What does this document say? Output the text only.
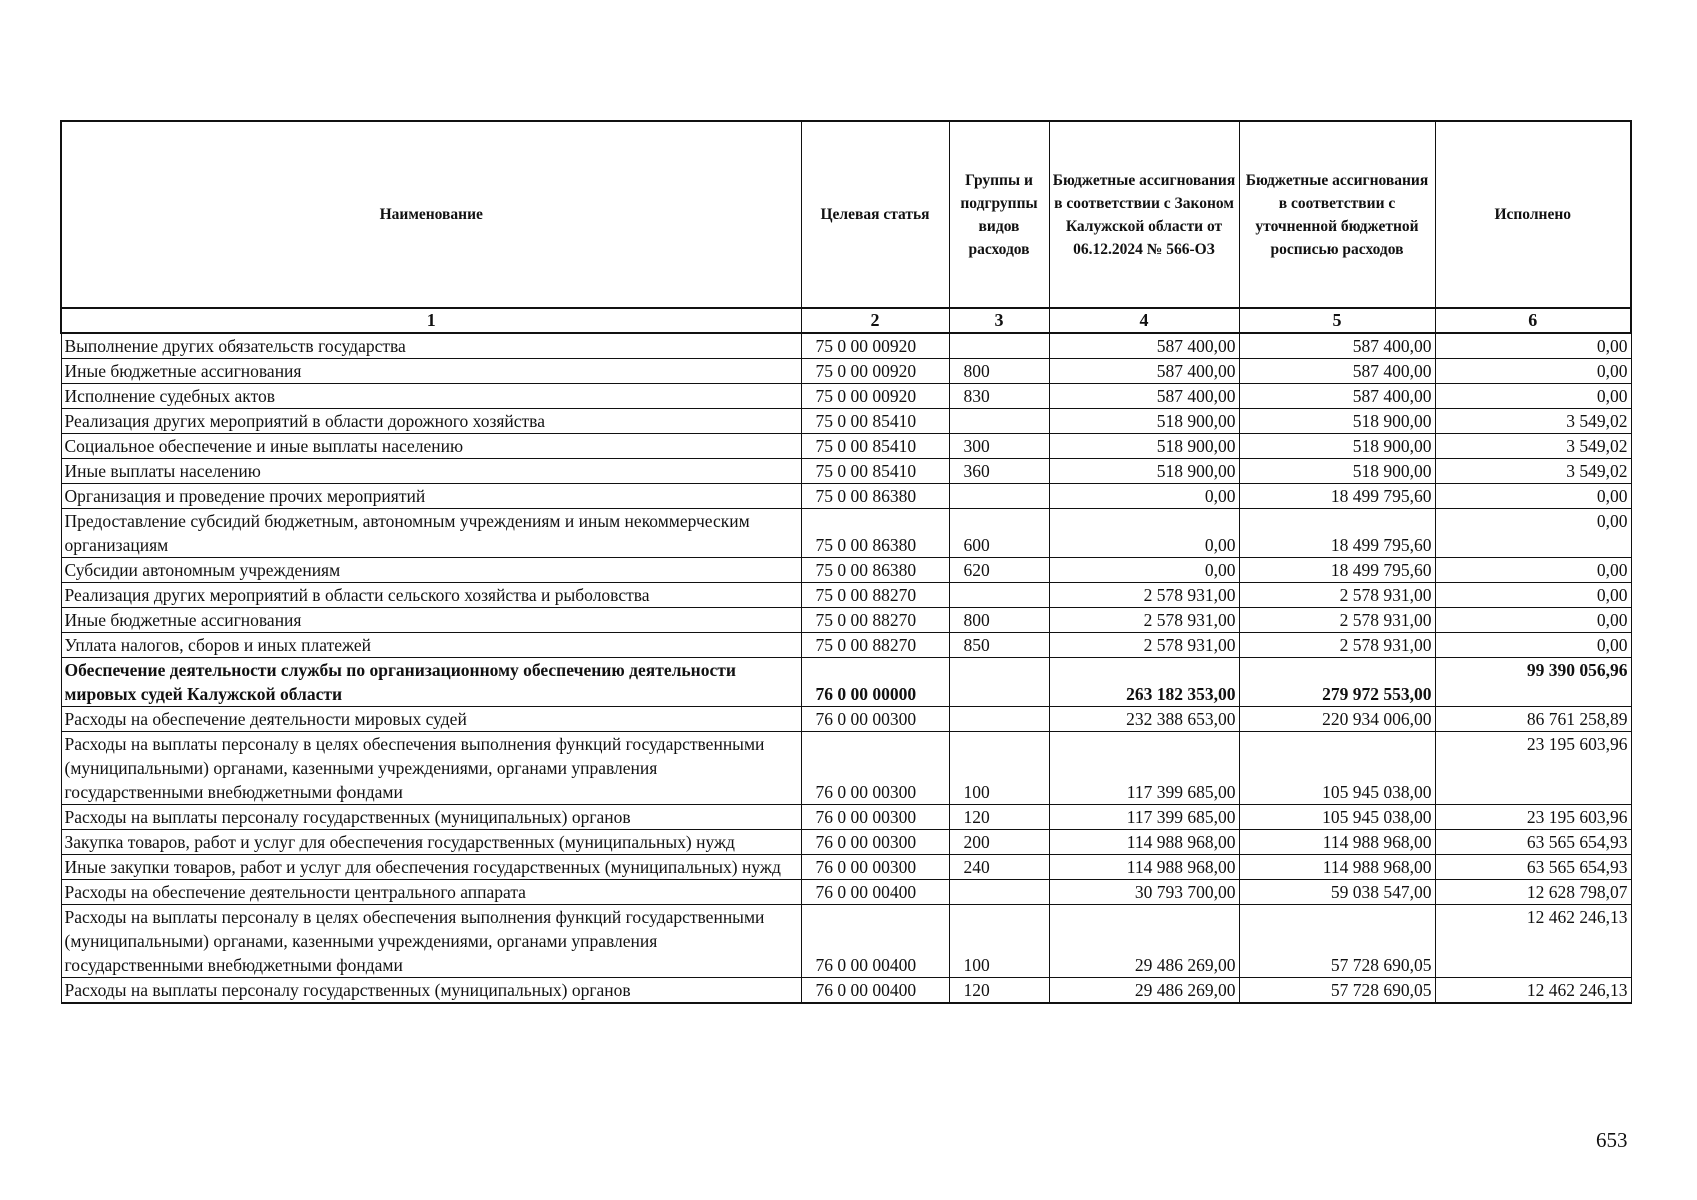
Наименование	Целевая статья	Группы и подгруппы видов расходов	Бюджетные ассигнования в соответствии с Законом Калужской области от 06.12.2024 № 566-ОЗ	Бюджетные ассигнования в соответствии с уточненной бюджетной росписью расходов	Исполнено
1	2	3	4	5	6
Выполнение других обязательств государства	75 0 00 00920		587 400,00	587 400,00	0,00
Иные бюджетные ассигнования	75 0 00 00920	800	587 400,00	587 400,00	0,00
Исполнение судебных актов	75 0 00 00920	830	587 400,00	587 400,00	0,00
Реализация других мероприятий в области дорожного хозяйства	75 0 00 85410		518 900,00	518 900,00	3 549,02
Социальное обеспечение и иные выплаты населению	75 0 00 85410	300	518 900,00	518 900,00	3 549,02
Иные выплаты населению	75 0 00 85410	360	518 900,00	518 900,00	3 549,02
Организация и проведение прочих мероприятий	75 0 00 86380		0,00	18 499 795,60	0,00
Предоставление субсидий бюджетным, автономным учреждениям и иным некоммерческим организациям	75 0 00 86380	600	0,00	18 499 795,60	0,00
Субсидии автономным учреждениям	75 0 00 86380	620	0,00	18 499 795,60	0,00
Реализация других мероприятий в области сельского хозяйства и рыболовства	75 0 00 88270		2 578 931,00	2 578 931,00	0,00
Иные бюджетные ассигнования	75 0 00 88270	800	2 578 931,00	2 578 931,00	0,00
Уплата налогов, сборов и иных платежей	75 0 00 88270	850	2 578 931,00	2 578 931,00	0,00
Обеспечение деятельности службы по организационному обеспечению деятельности мировых судей Калужской области	76 0 00 00000		263 182 353,00	279 972 553,00	99 390 056,96
Расходы на обеспечение деятельности мировых судей	76 0 00 00300		232 388 653,00	220 934 006,00	86 761 258,89
Расходы на выплаты персоналу в целях обеспечения выполнения функций государственными (муниципальными) органами, казенными учреждениями, органами управления государственными внебюджетными фондами	76 0 00 00300	100	117 399 685,00	105 945 038,00	23 195 603,96
Расходы на выплаты персоналу государственных (муниципальных) органов	76 0 00 00300	120	117 399 685,00	105 945 038,00	23 195 603,96
Закупка товаров, работ и услуг для обеспечения государственных (муниципальных) нужд	76 0 00 00300	200	114 988 968,00	114 988 968,00	63 565 654,93
Иные закупки товаров, работ и услуг для обеспечения государственных (муниципальных) нужд	76 0 00 00300	240	114 988 968,00	114 988 968,00	63 565 654,93
Расходы на обеспечение деятельности центрального аппарата	76 0 00 00400		30 793 700,00	59 038 547,00	12 628 798,07
Расходы на выплаты персоналу в целях обеспечения выполнения функций государственными (муниципальными) органами, казенными учреждениями, органами управления государственными внебюджетными фондами	76 0 00 00400	100	29 486 269,00	57 728 690,05	12 462 246,13
Расходы на выплаты персоналу государственных (муниципальных) органов	76 0 00 00400	120	29 486 269,00	57 728 690,05	12 462 246,13
653
